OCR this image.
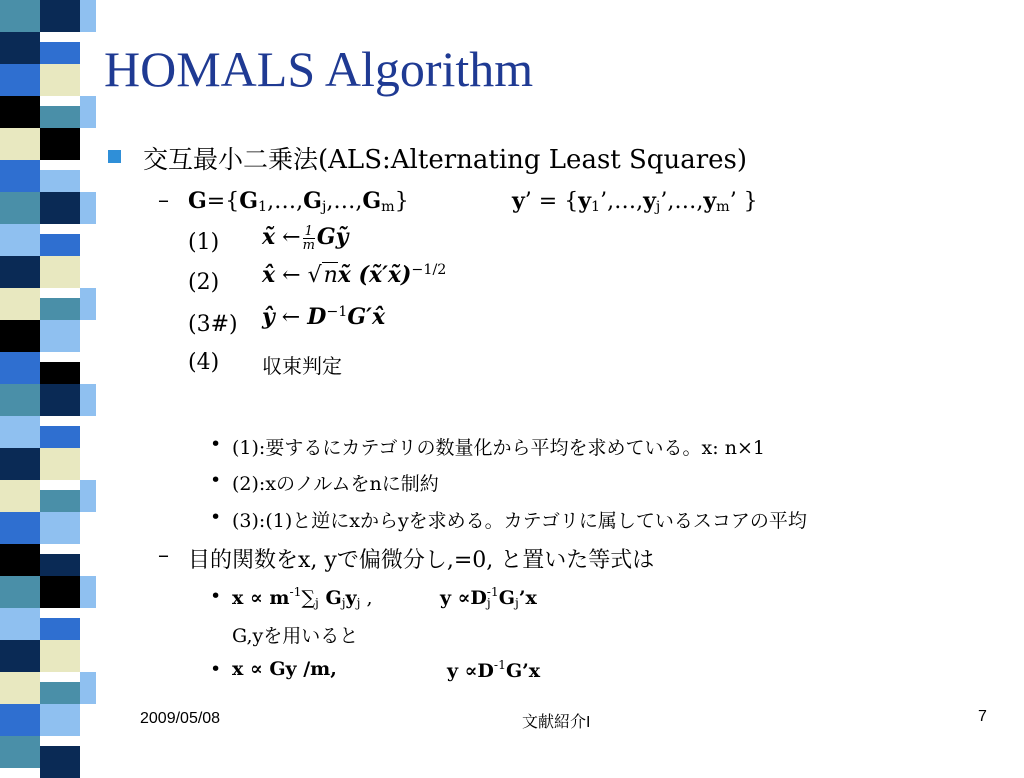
HOMALS Algorithm
交互最小二乗法(ALS:Alternating Least Squares)
– $G=\{G_1,\dots,G_j,\dots,G_m\}$	y’ = {$y_1’,\dots,y_j’,\dots,y_m$’ }
(1) x̃ ← $\frac{1}{m}$ Gỹ
(2) x̂ ← √nx̃ (x̃′x̃)$^{-1/2}$
(3#) ŷ ← $D^{-1}G'x̂$
(4) 収束判定
• (1):要するにカテゴリの数量化から平均を求めている。x: n×1
• (2):xのノルムをnに制約
• (3):(1)と逆にxからyを求める。カテゴリに属しているスコアの平均
– 目的関数をx, yで偏微分し,=0, と置いた等式は
• $x \propto m^{-1}\sum_j$ $G_jy_j$ ,	$y \propto D_j^{-1}G_j’x$
G,yを用いると
• x ∝ Gy /m,	$y \propto D^{-1}G’x$
2009/05/08	文献紹介I	7
